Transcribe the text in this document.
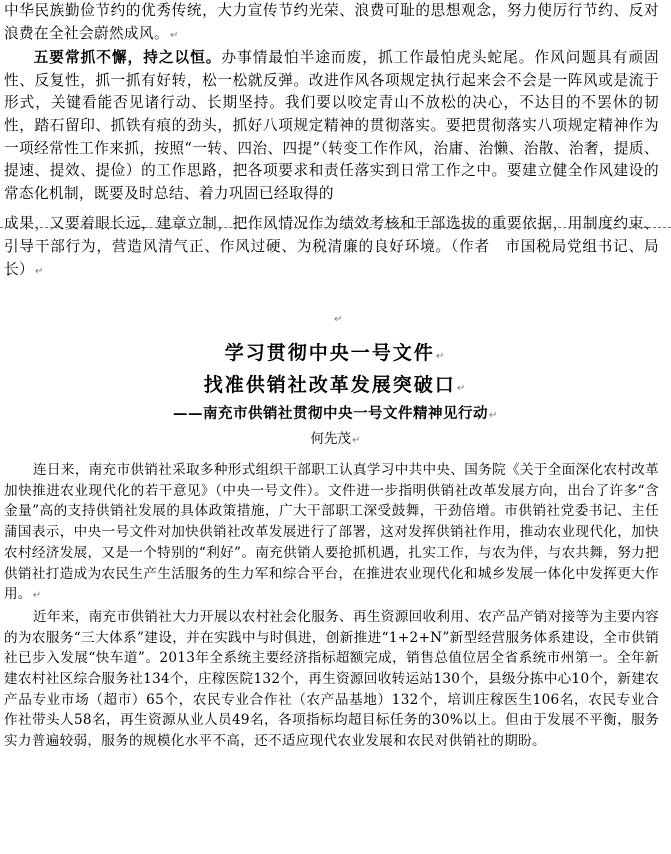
中华民族勤俭节约的优秀传统，大力宣传节约光荣、浪费可耻的思想观念，努力使厉行节约、反对浪费在全社会蔚然成风。↵

五要常抓不懈，持之以恒。办事情最怕半途而废，抓工作最怕虎头蛇尾。作风问题具有顽固性、反复性，抓一抓有好转，松一松就反弹。改进作风各项规定执行起来会不会是一阵风或是流于形式，关键看能否见诸行动、长期坚持。我们要以咬定青山不放松的决心，不达目的不罢休的韧性，踏石留印、抓铁有痕的劲头，抓好八项规定精神的贯彻落实。要把贯彻落实八项规定精神作为一项经常性工作来抓，按照“一转、四治、四提”（转变工作作风，治庸、治懒、治散、治奢，提质、提速、提效、提俭）的工作思路，把各项要求和责任落实到日常工作之中。要建立健全作风建设的常态化机制，既要及时总结、着力巩固已经取得的

成果，又要着眼长远，建章立制，把作风情况作为绩效考核和干部选拔的重要依据，用制度约束、引导干部行为，营造风清气正、作风过硬、为税清廉的良好环境。（作者　市国税局党组书记、局长）↵

↵

学习贯彻中央一号文件↵

找准供销社改革发展突破口↵

——南充市供销社贯彻中央一号文件精神见行动↵

何先茂↵

连日来，南充市供销社采取多种形式组织干部职工认真学习中共中央、国务院《关于全面深化农村改革加快推进农业现代化的若干意见》（中央一号文件）。文件进一步指明供销社改革发展方向，出台了许多“含金量”高的支持供销社发展的具体政策措施，广大干部职工深受鼓舞，干劲倍增。市供销社党委书记、主任蒲国表示，中央一号文件对加快供销社改革发展进行了部署，这对发挥供销社作用，推动农业现代化，加快农村经济发展，又是一个特别的“利好”。南充供销人要抢抓机遇，扎实工作，与农为伴，与农共舞，努力把供销社打造成为农民生产生活服务的生力军和综合平台，在推进农业现代化和城乡发展一体化中发挥更大作用。↵

近年来，南充市供销社大力开展以农村社会化服务、再生资源回收利用、农产品产销对接等为主要内容的为农服务“三大体系”建设，并在实践中与时俱进，创新推进“1+2+N”新型经营服务体系建设，全市供销社已步入发展“快车道”。2013年全系统主要经济指标超额完成，销售总值位居全省系统市州第一。全年新建农村社区综合服务社134个，庄稼医院132个，再生资源回收转运站130个，县级分拣中心10个，新建农产品专业市场（超市）65个，农民专业合作社（农产品基地）132个，培训庄稼医生106名，农民专业合作社带头人58名，再生资源从业人员49名，各项指标均超目标任务的30%以上。但由于发展不平衡，服务实力普遍较弱，服务的规模化水平不高，还不适应现代农业发展和农民对供销社的期盼。
